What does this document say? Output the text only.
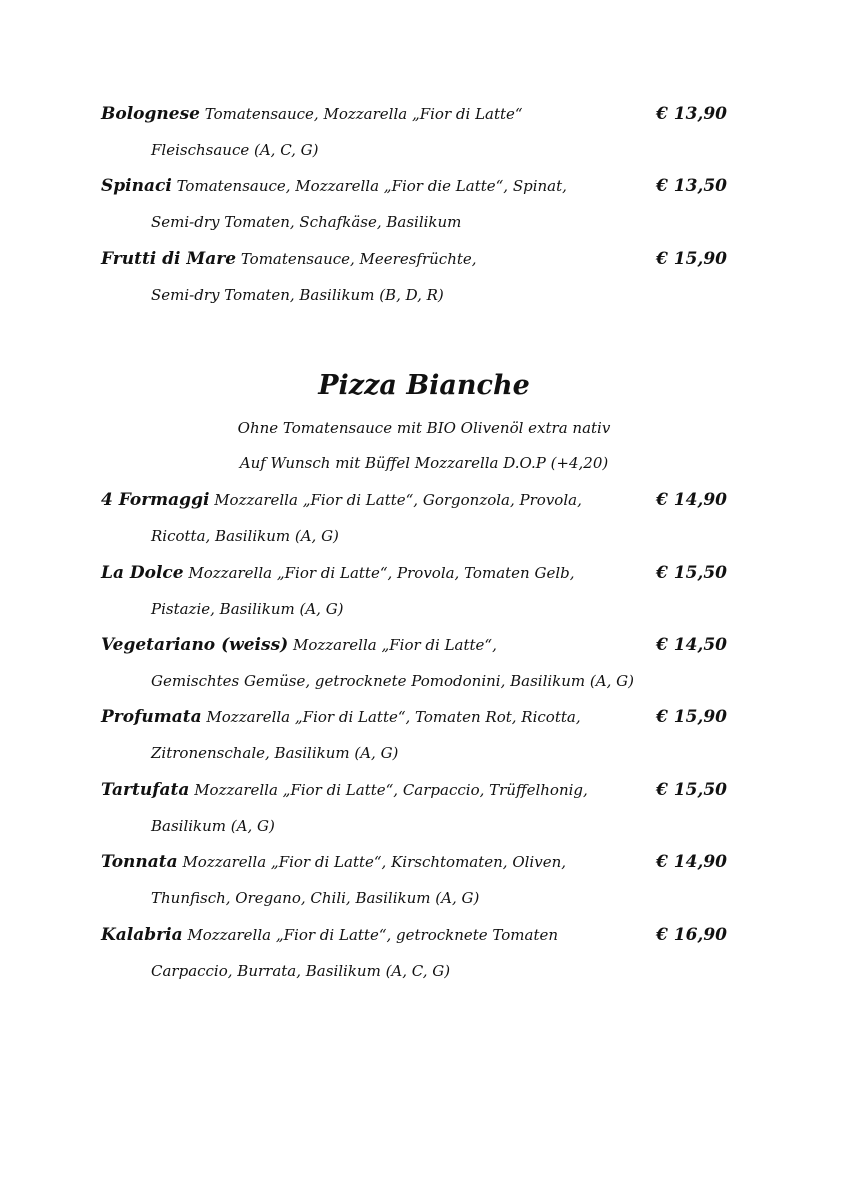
Bolognese Tomatensauce, Mozzarella „Fior di Latte“	€ 13,90
Fleischsauce (A, C, G)
Spinaci Tomatensauce, Mozzarella „Fior die Latte“, Spinat,	€ 13,50
Semi-dry Tomaten, Schafkäse, Basilikum
Frutti di Mare Tomatensauce, Meeresfrüchte,	€ 15,90
Semi-dry Tomaten, Basilikum (B, D, R)
Pizza Bianche
Ohne Tomatensauce mit BIO Olivenöl extra nativ
Auf Wunsch mit Büffel Mozzarella D.O.P (+4,20)
4 Formaggi Mozzarella „Fior di Latte“, Gorgonzola, Provola,	€ 14,90
Ricotta, Basilikum (A, G)
La Dolce Mozzarella „Fior di Latte“, Provola, Tomaten Gelb,	€ 15,50
Pistazie, Basilikum (A, G)
Vegetariano (weiss) Mozzarella „Fior di Latte“,	€ 14,50
Gemischtes Gemüse, getrocknete Pomodonini, Basilikum (A, G)
Profumata Mozzarella „Fior di Latte“, Tomaten Rot, Ricotta,	€ 15,90
Zitronenschale, Basilikum (A, G)
Tartufata Mozzarella „Fior di Latte“, Carpaccio, Trüffelhonig,	€ 15,50
Basilikum (A, G)
Tonnata Mozzarella „Fior di Latte“, Kirschtomaten, Oliven,	€ 14,90
Thunfisch, Oregano, Chili, Basilikum (A, G)
Kalabria Mozzarella „Fior di Latte“, getrocknete Tomaten	€ 16,90
Carpaccio, Burrata, Basilikum (A, C, G)
